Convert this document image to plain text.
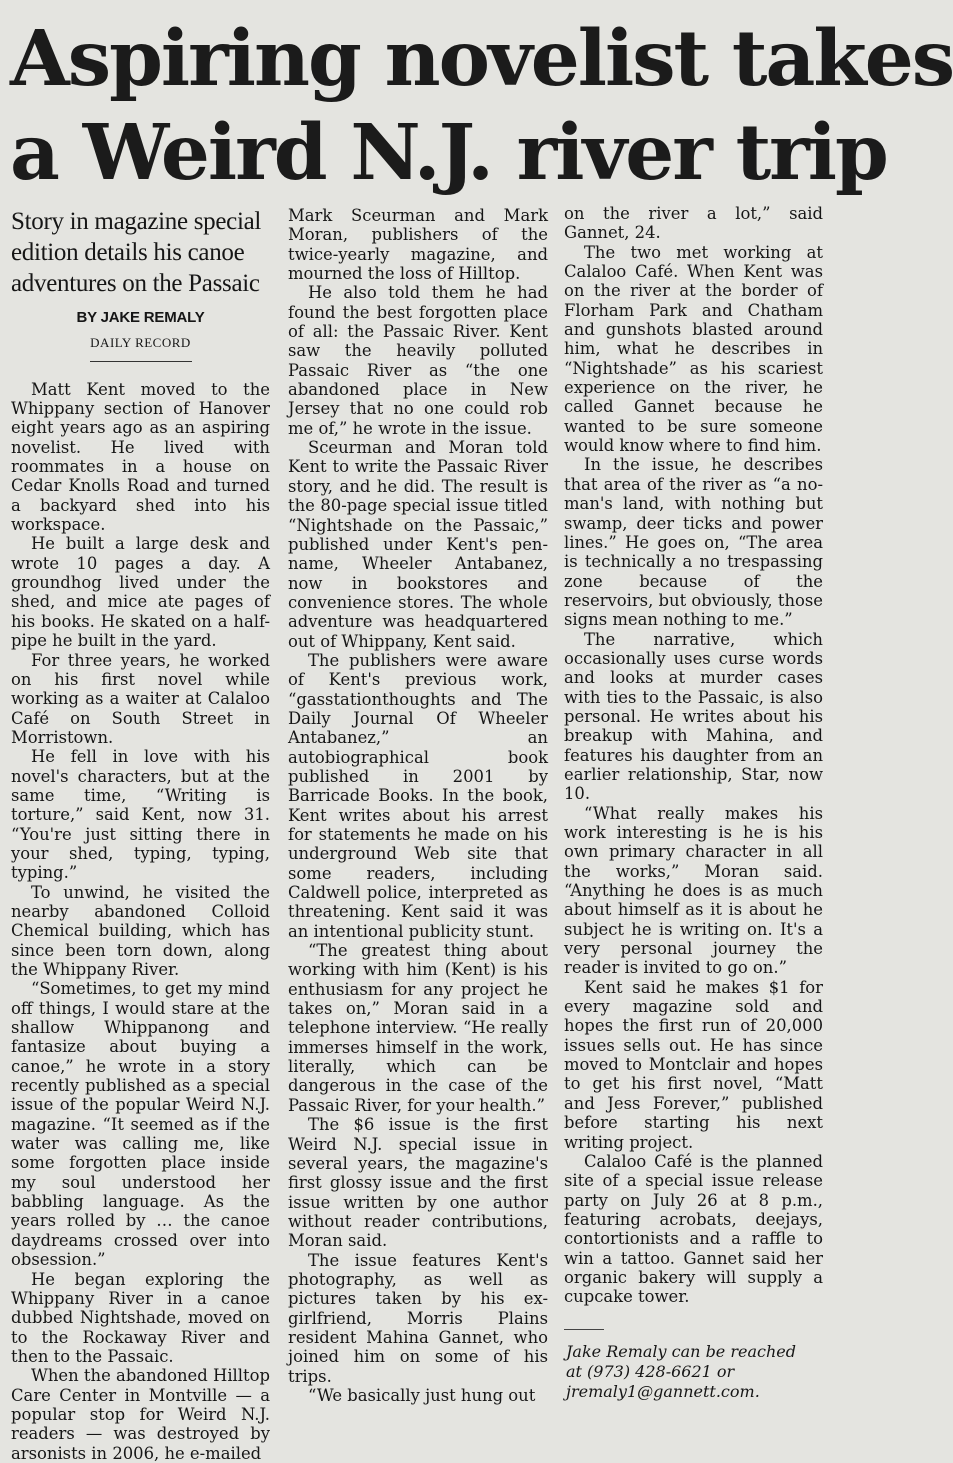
Aspiring novelist takes
a Weird N.J. river trip
Story in magazine special edition details his canoe adventures on the Passaic
BY JAKE REMALY
DAILY RECORD

Matt Kent moved to the Whippany section of Hanover eight years ago as an aspiring novelist. He lived with roommates in a house on Cedar Knolls Road and turned a backyard shed into his workspace.

He built a large desk and wrote 10 pages a day. A groundhog lived under the shed, and mice ate pages of his books. He skated on a half-pipe he built in the yard.

For three years, he worked on his first novel while working as a waiter at Calaloo Café on South Street in Morristown.

He fell in love with his novel's characters, but at the same time, “Writing is torture,” said Kent, now 31. “You're just sitting there in your shed, typing, typing, typing.”

To unwind, he visited the nearby abandoned Colloid Chemical building, which has since been torn down, along the Whippany River.

“Sometimes, to get my mind off things, I would stare at the shallow Whippanong and fantasize about buying a canoe,” he wrote in a story recently published as a special issue of the popular Weird N.J. magazine. “It seemed as if the water was calling me, like some forgotten place inside my soul understood her babbling language. As the years rolled by … the canoe daydreams crossed over into obsession.”

He began exploring the Whippany River in a canoe dubbed Nightshade, moved on to the Rockaway River and then to the Passaic.

When the abandoned Hilltop Care Center in Montville — a popular stop for Weird N.J. readers — was destroyed by arsonists in 2006, he e-mailed

Mark Sceurman and Mark Moran, publishers of the twice-yearly magazine, and mourned the loss of Hilltop.

He also told them he had found the best forgotten place of all: the Passaic River. Kent saw the heavily polluted Passaic River as “the one abandoned place in New Jersey that no one could rob me of,” he wrote in the issue.

Sceurman and Moran told Kent to write the Passaic River story, and he did. The result is the 80-page special issue titled “Nightshade on the Passaic,” published under Kent's pen-name, Wheeler Antabanez, now in bookstores and convenience stores. The whole adventure was headquartered out of Whippany, Kent said.

The publishers were aware of Kent's previous work, “gasstationthoughts and The Daily Journal Of Wheeler Antabanez,” an autobiographical book published in 2001 by Barricade Books. In the book, Kent writes about his arrest for statements he made on his underground Web site that some readers, including Caldwell police, interpreted as threatening. Kent said it was an intentional publicity stunt.

“The greatest thing about working with him (Kent) is his enthusiasm for any project he takes on,” Moran said in a telephone interview. “He really immerses himself in the work, literally, which can be dangerous in the case of the Passaic River, for your health.”

The $6 issue is the first Weird N.J. special issue in several years, the magazine's first glossy issue and the first issue written by one author without reader contributions, Moran said.

The issue features Kent's photography, as well as pictures taken by his ex-girlfriend, Morris Plains resident Mahina Gannet, who joined him on some of his trips.

“We basically just hung out

on the river a lot,” said Gannet, 24.

The two met working at Calaloo Café. When Kent was on the river at the border of Florham Park and Chatham and gunshots blasted around him, what he describes in “Nightshade” as his scariest experience on the river, he called Gannet because he wanted to be sure someone would know where to find him.

In the issue, he describes that area of the river as “a no-man's land, with nothing but swamp, deer ticks and power lines.” He goes on, “The area is technically a no trespassing zone because of the reservoirs, but obviously, those signs mean nothing to me.”

The narrative, which occasionally uses curse words and looks at murder cases with ties to the Passaic, is also personal. He writes about his breakup with Mahina, and features his daughter from an earlier relationship, Star, now 10.

“What really makes his work interesting is he is his own primary character in all the works,” Moran said. “Anything he does is as much about himself as it is about he subject he is writing on. It's a very personal journey the reader is invited to go on.”

Kent said he makes $1 for every magazine sold and hopes the first run of 20,000 issues sells out. He has since moved to Montclair and hopes to get his first novel, “Matt and Jess Forever,” published before starting his next writing project.

Calaloo Café is the planned site of a special issue release party on July 26 at 8 p.m., featuring acrobats, deejays, contortionists and a raffle to win a tattoo. Gannet said her organic bakery will supply a cupcake tower.

Jake Remaly can be reached
at (973) 428-6621 or
jremaly1@gannett.com.
